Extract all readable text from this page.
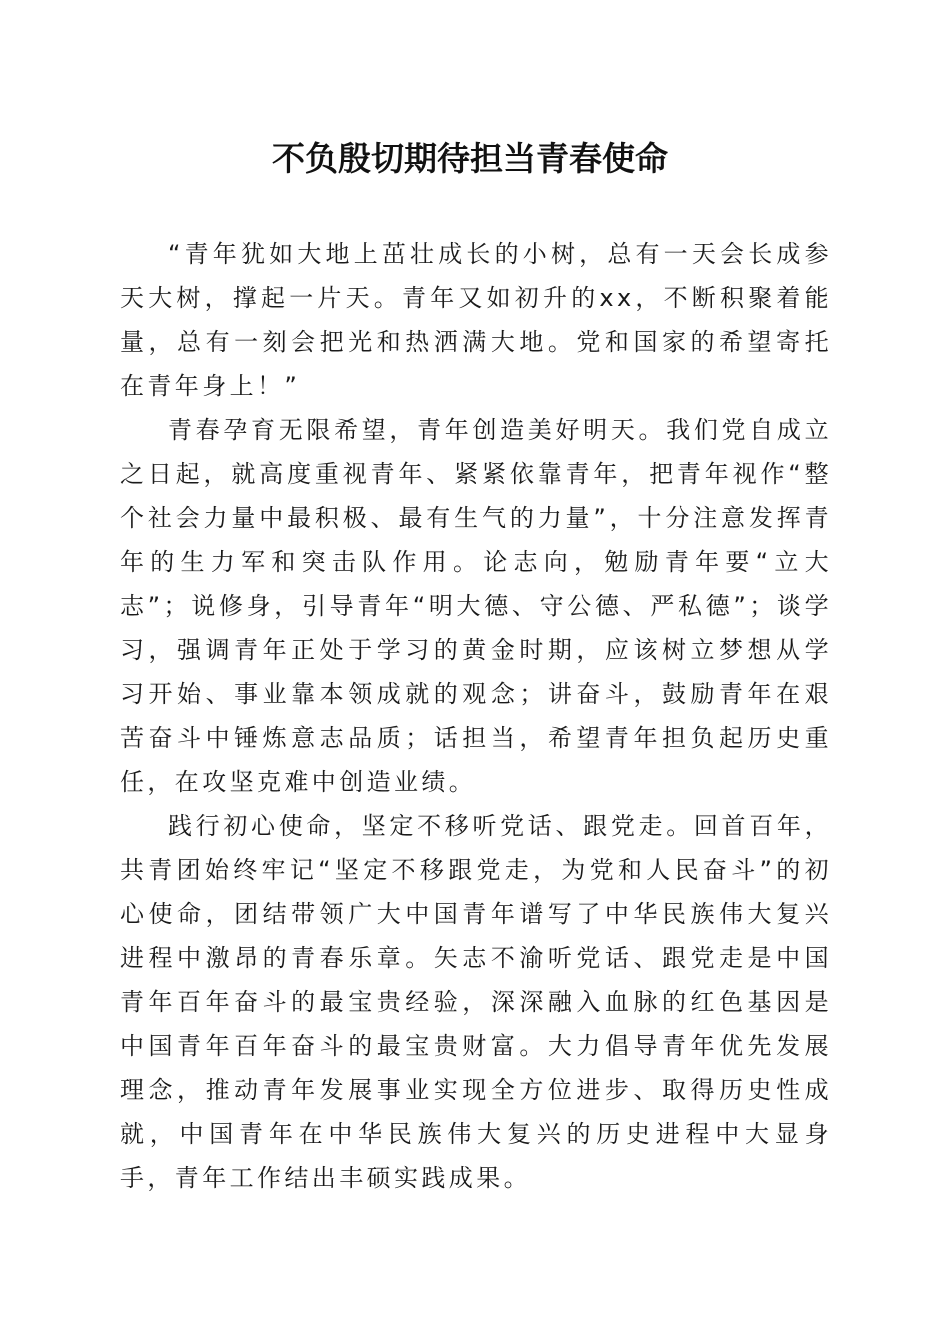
不负殷切期待担当青春使命

“青年犹如大地上茁壮成长的小树，总有一天会长成参天大树，撑起一片天。青年又如初升的xx，不断积聚着能量，总有一刻会把光和热洒满大地。党和国家的希望寄托在青年身上！”

青春孕育无限希望，青年创造美好明天。我们党自成立之日起，就高度重视青年、紧紧依靠青年，把青年视作“整个社会力量中最积极、最有生气的力量”，十分注意发挥青年的生力军和突击队作用。论志向，勉励青年要“立大志”；说修身，引导青年“明大德、守公德、严私德”；谈学习，强调青年正处于学习的黄金时期，应该树立梦想从学习开始、事业靠本领成就的观念；讲奋斗，鼓励青年在艰苦奋斗中锤炼意志品质；话担当，希望青年担负起历史重任，在攻坚克难中创造业绩。

践行初心使命，坚定不移听党话、跟党走。回首百年，共青团始终牢记“坚定不移跟党走，为党和人民奋斗”的初心使命，团结带领广大中国青年谱写了中华民族伟大复兴进程中激昂的青春乐章。矢志不渝听党话、跟党走是中国青年百年奋斗的最宝贵经验，深深融入血脉的红色基因是中国青年百年奋斗的最宝贵财富。大力倡导青年优先发展理念，推动青年发展事业实现全方位进步、取得历史性成就，中国青年在中华民族伟大复兴的历史进程中大显身手，青年工作结出丰硕实践成果。
